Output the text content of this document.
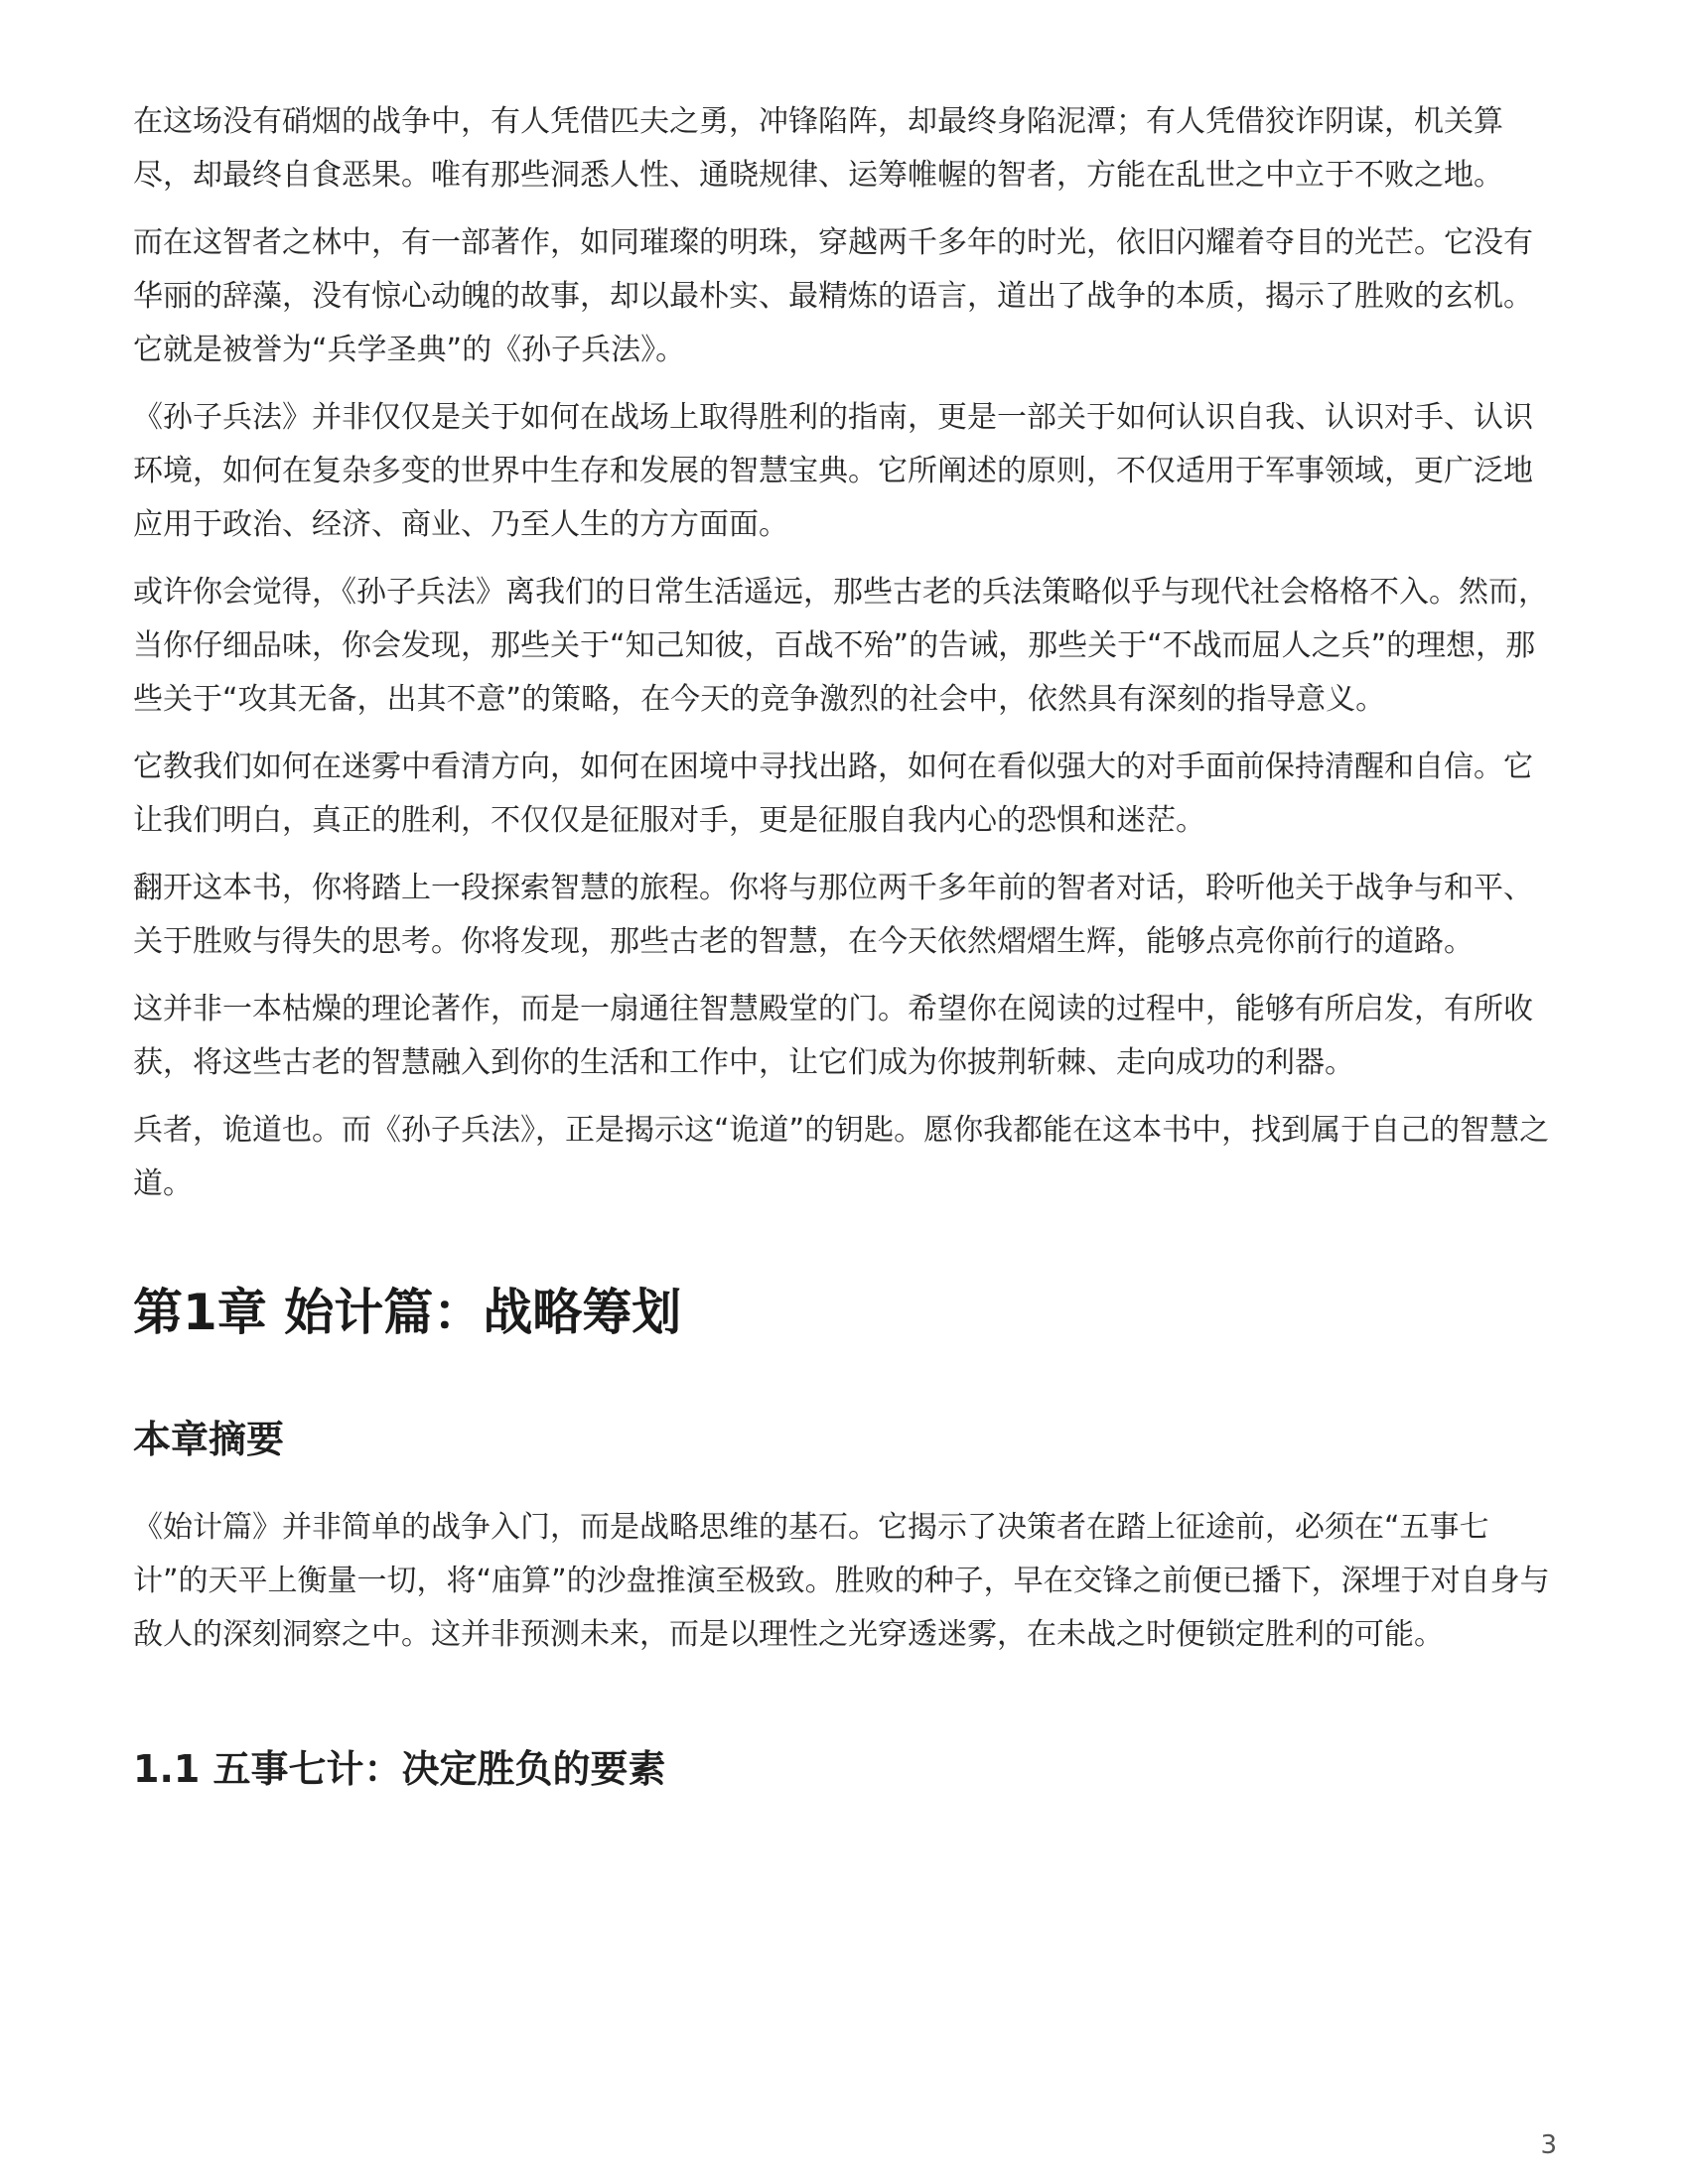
在这场没有硝烟的战争中，有人凭借匹夫之勇，冲锋陷阵，却最终身陷泥潭；有人凭借狡诈阴谋，机关算尽，却最终自食恶果。唯有那些洞悉人性、通晓规律、运筹帷幄的智者，方能在乱世之中立于不败之地。

而在这智者之林中，有一部著作，如同璀璨的明珠，穿越两千多年的时光，依旧闪耀着夺目的光芒。它没有华丽的辞藻，没有惊心动魄的故事，却以最朴实、最精炼的语言，道出了战争的本质，揭示了胜败的玄机。它就是被誉为“兵学圣典”的《孙子兵法》。

《孙子兵法》并非仅仅是关于如何在战场上取得胜利的指南，更是一部关于如何认识自我、认识对手、认识环境，如何在复杂多变的世界中生存和发展的智慧宝典。它所阐述的原则，不仅适用于军事领域，更广泛地应用于政治、经济、商业、乃至人生的方方面面。

或许你会觉得，《孙子兵法》离我们的日常生活遥远，那些古老的兵法策略似乎与现代社会格格不入。然而，当你仔细品味，你会发现，那些关于“知己知彼，百战不殆”的告诫，那些关于“不战而屈人之兵”的理想，那些关于“攻其无备，出其不意”的策略，在今天的竞争激烈的社会中，依然具有深刻的指导意义。

它教我们如何在迷雾中看清方向，如何在困境中寻找出路，如何在看似强大的对手面前保持清醒和自信。它让我们明白，真正的胜利，不仅仅是征服对手，更是征服自我内心的恐惧和迷茫。

翻开这本书，你将踏上一段探索智慧的旅程。你将与那位两千多年前的智者对话，聆听他关于战争与和平、关于胜败与得失的思考。你将发现，那些古老的智慧，在今天依然熠熠生辉，能够点亮你前行的道路。

这并非一本枯燥的理论著作，而是一扇通往智慧殿堂的门。希望你在阅读的过程中，能够有所启发，有所收获，将这些古老的智慧融入到你的生活和工作中，让它们成为你披荆斩棘、走向成功的利器。

兵者，诡道也。而《孙子兵法》，正是揭示这“诡道”的钥匙。愿你我都能在这本书中，找到属于自己的智慧之道。

第1章 始计篇：战略筹划
本章摘要

《始计篇》并非简单的战争入门，而是战略思维的基石。它揭示了决策者在踏上征途前，必须在“五事七计”的天平上衡量一切，将“庙算”的沙盘推演至极致。胜败的种子，早在交锋之前便已播下，深埋于对自身与敌人的深刻洞察之中。这并非预测未来，而是以理性之光穿透迷雾，在未战之时便锁定胜利的可能。

1.1 五事七计：决定胜负的要素
3
